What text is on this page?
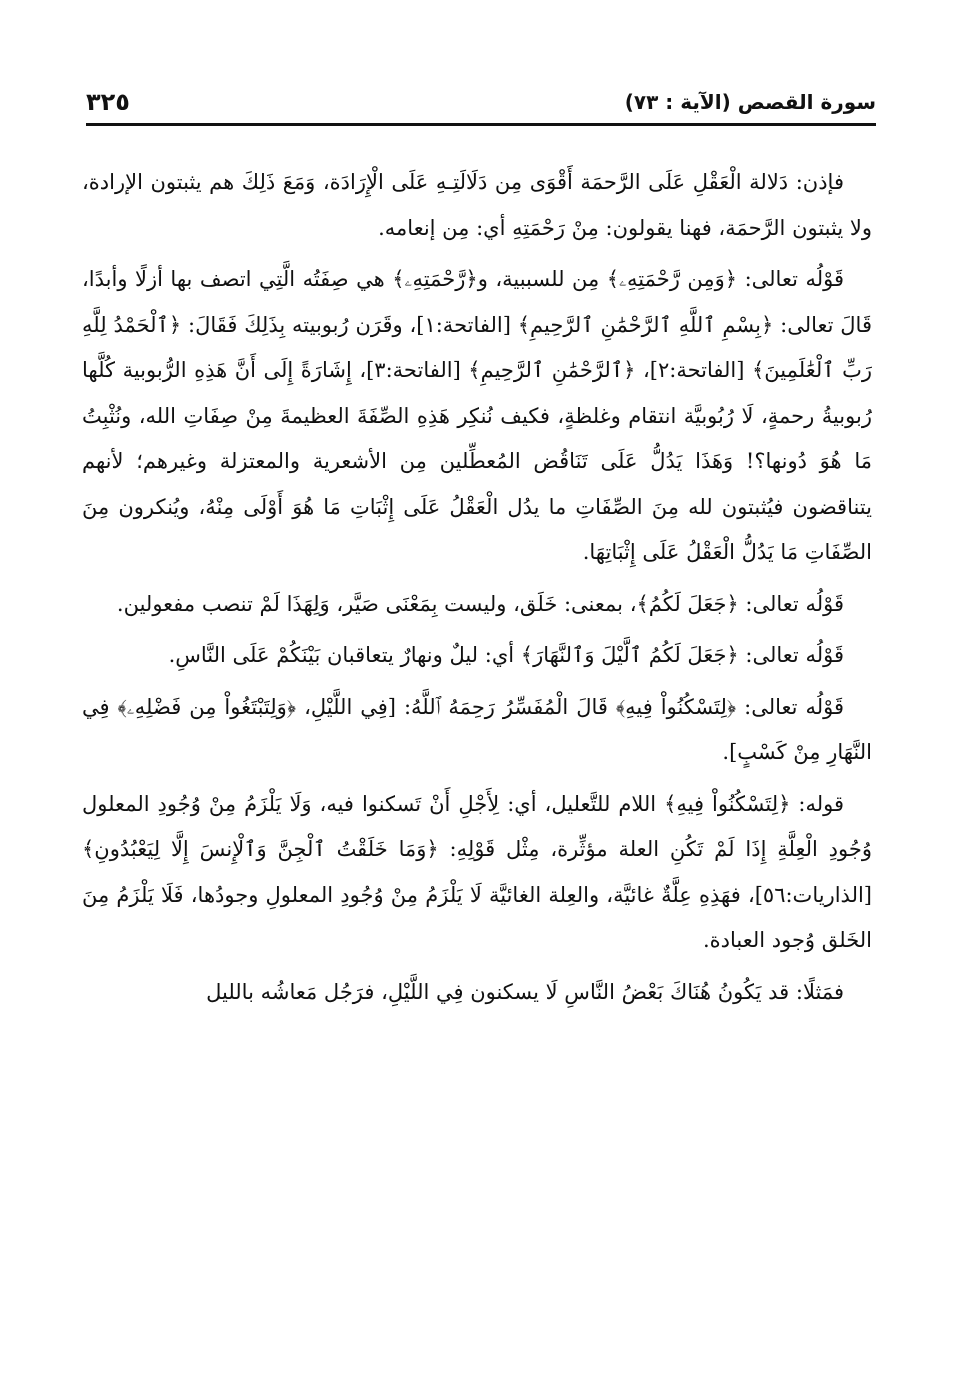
٣٢٥	سورة القصص (الآية : ٧٣)

فإذن: دَلالة الْعَقْلِ عَلَى الرَّحمَة أَقْوَى مِن دَلَالَتِـهِ عَلَى الْإِرَادَة، وَمَعَ ذَلِكَ هم يثبتون الإرادة، ولا يثبتون الرَّحمَة، فهنا يقولون: مِنْ رَحْمَتِهِ أي: مِن إنعامه.

قَوْلُه تعالى: ﴿وَمِن رَّحْمَتِهِۦ﴾ مِن للسببية، و﴿رَّحْمَتِهِۦ﴾ هي صِفَتُه الَّتِي اتصف بها أزلًا وأبدًا، قَالَ تعالى: ﴿بِسْمِ ٱللَّهِ ٱلرَّحْمَٰنِ ٱلرَّحِيمِ﴾ [الفاتحة:١]، وقَرَن رُبوبيته بِذَلِكَ فَقَالَ: ﴿ٱلْحَمْدُ لِلَّهِ رَبِّ ٱلْعَٰلَمِينَ﴾ [الفاتحة:٢]، ﴿ٱلرَّحْمَٰنِ ٱلرَّحِيمِ﴾ [الفاتحة:٣]، إِشَارَةً إِلَى أَنَّ هَذِهِ الرُّبوبية كُلَّها رُبوبيةُ رحمةٍ، لَا رُبُوبيَّة انتقام وغلظةٍ، فكيف نُنكِر هَذِهِ الصِّفَةَ العظيمةَ مِنْ صِفَاتِ الله، ونُثْبِتُ مَا هُوَ دُونها؟! وَهَذَا يَدُلُّ عَلَى تَنَاقُض المُعطِّلين مِن الأشعرية والمعتزلة وغيرهم؛ لأنهم يتناقضون فيُثبتون لله مِنَ الصِّفَاتِ ما يدُل الْعَقْلُ عَلَى إِثْبَاتِ مَا هُوَ أَوْلَى مِنْهُ، ويُنكرون مِنَ الصِّفَاتِ مَا يَدُلُّ الْعَقْلُ عَلَى إِثْبَاتِهَا.

قَوْلُه تعالى: ﴿جَعَلَ لَكُمُ﴾، بمعنى: خَلَق، وليست بِمَعْنَى صَيَّر، وَلِهَذَا لَمْ تنصب مفعولين.

قَوْلُه تعالى: ﴿جَعَلَ لَكُمُ ٱلَّيْلَ وَٱلنَّهَارَ﴾ أي: ليلٌ ونهارٌ يتعاقبان بَيْنَكُمْ عَلَى النَّاسِ.

قَوْلُه تعالى: ﴿لِتَسْكُنُواْ فِيهِ﴾ قَالَ الْمُفَسِّرُ رَحِمَهُ ٱللَّهُ: [فِي اللَّيْلِ، ﴿وَلِتَبْتَغُواْ مِن فَضْلِهِۦ﴾ فِي النَّهَارِ مِنْ كَسْبٍ].

قوله: ﴿لِتَسْكُنُواْ فِيهِ﴾ اللام للتَّعليل، أي: لِأَجْلِ أَنْ تَسكنوا فيه، وَلَا يَلْزَمُ مِنْ وُجُودِ المعلول وُجُودِ الْعِلَّةِ إِذَا لَمْ تَكُنِ العلة مؤثِّرة، مِثْل قَوْلِهِ: ﴿وَمَا خَلَقْتُ ٱلْجِنَّ وَٱلْإِنسَ إِلَّا لِيَعْبُدُونِ﴾ [الذاريات:٥٦]، فهَذِهِ عِلَّةٌ غائيَّة، والعِلة الغائيَّة لَا يَلْزَمُ مِنْ وُجُودِ المعلولِ وجودُها، فَلَا يَلْزَمُ مِنَ الخَلق وُجود العبادة.

فمَثلًا: قد يَكُونُ هُنَاكَ بَعْضُ النَّاسِ لَا يسكنون فِي اللَّيْلِ، فرَجُل مَعاشُه بالليل
